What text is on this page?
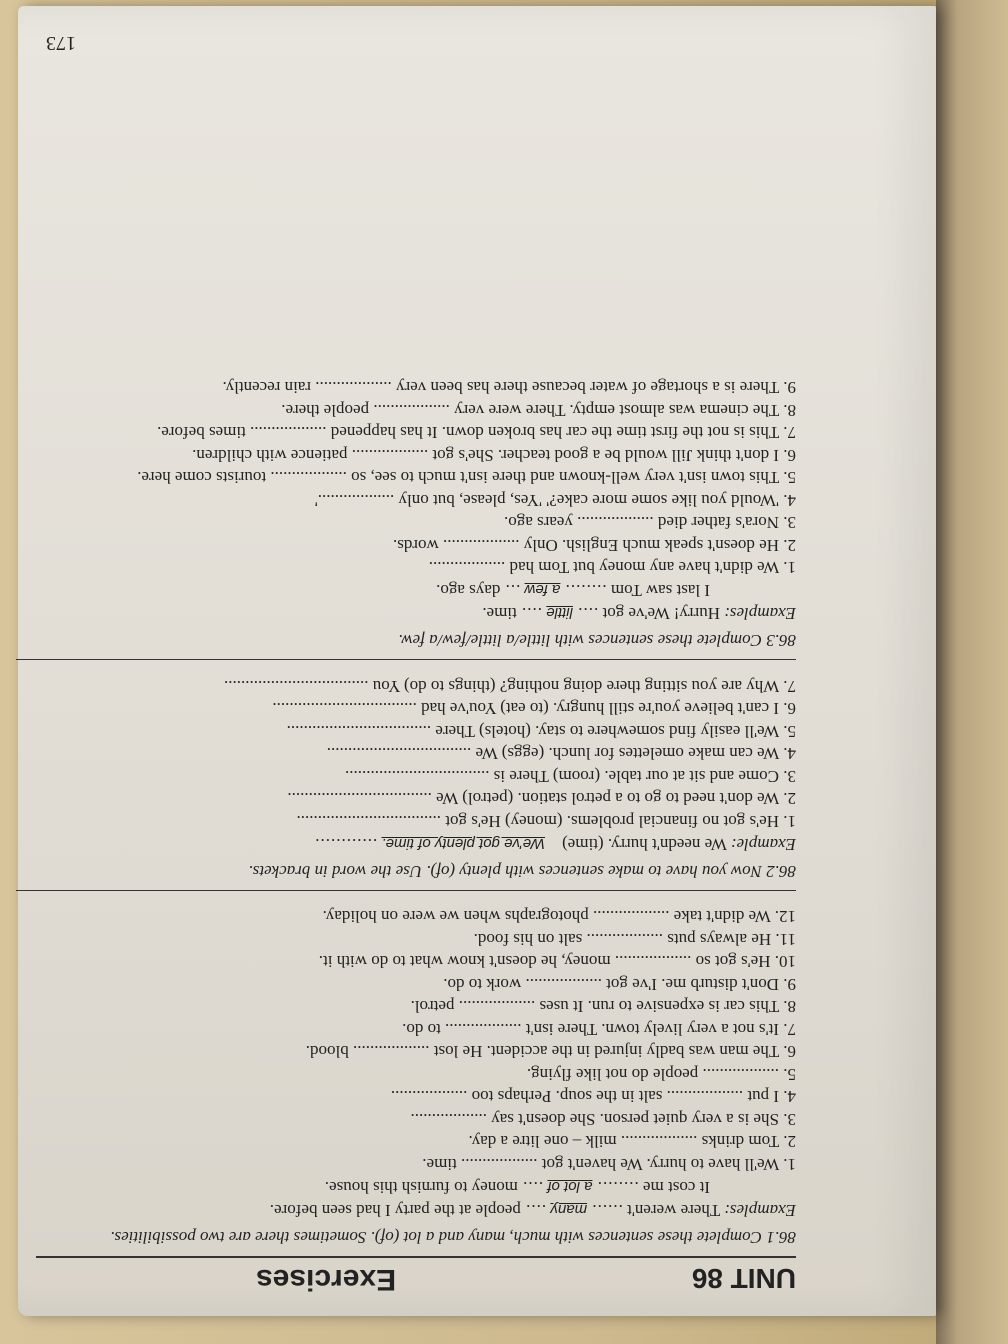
UNIT 86
Exercises
86.1 Complete these sentences with much, many and a lot (of). Sometimes there are two possibilities.
Examples: There weren't ...... many .... people at the party I had seen before.
It cost me ........ a lot of .... money to furnish this house.
1. We'll have to hurry. We haven't got .................. time.
2. Tom drinks .................. milk – one litre a day.
3. She is a very quiet person. She doesn't say ..................
4. I put .................. salt in the soup. Perhaps too ..................
5. .................. people do not like flying.
6. The man was badly injured in the accident. He lost .................. blood.
7. It's not a very lively town. There isn't .................. to do.
8. This car is expensive to run. It uses .................. petrol.
9. Don't disturb me. I've got .................. work to do.
10. He's got so .................. money, he doesn't know what to do with it.
11. He always puts .................. salt on his food.
12. We didn't take .................. photographs when we were on holiday.
86.2 Now you have to make sentences with plenty (of). Use the word in brackets.
Example: We needn't hurry. (time)    We've got plenty of time. ............
1. He's got no financial problems. (money) He's got ..................................
2. We don't need to go to a petrol station. (petrol) We ..................................
3. Come and sit at our table. (room) There is ..................................
4. We can make omelettes for lunch. (eggs) We ..................................
5. We'll easily find somewhere to stay. (hotels) There ..................................
6. I can't believe you're still hungry. (to eat) You've had ..................................
7. Why are you sitting there doing nothing? (things to do) You ..................................
86.3 Complete these sentences with little/a little/few/a few.
Examples: Hurry! We've got .... little .... time.
I last saw Tom ........ a few ... days ago.
1. We didn't have any money but Tom had ..................
2. He doesn't speak much English. Only .................. words.
3. Nora's father died .................. years ago.
4. 'Would you like some more cake?' 'Yes, please, but only ..................'
5. This town isn't very well-known and there isn't much to see, so .................. tourists come here.
6. I don't think Jill would be a good teacher. She's got .................. patience with children.
7. This is not the first time the car has broken down. It has happened .................. times before.
8. The cinema was almost empty. There were very .................. people there.
9. There is a shortage of water because there has been very .................. rain recently.
173
